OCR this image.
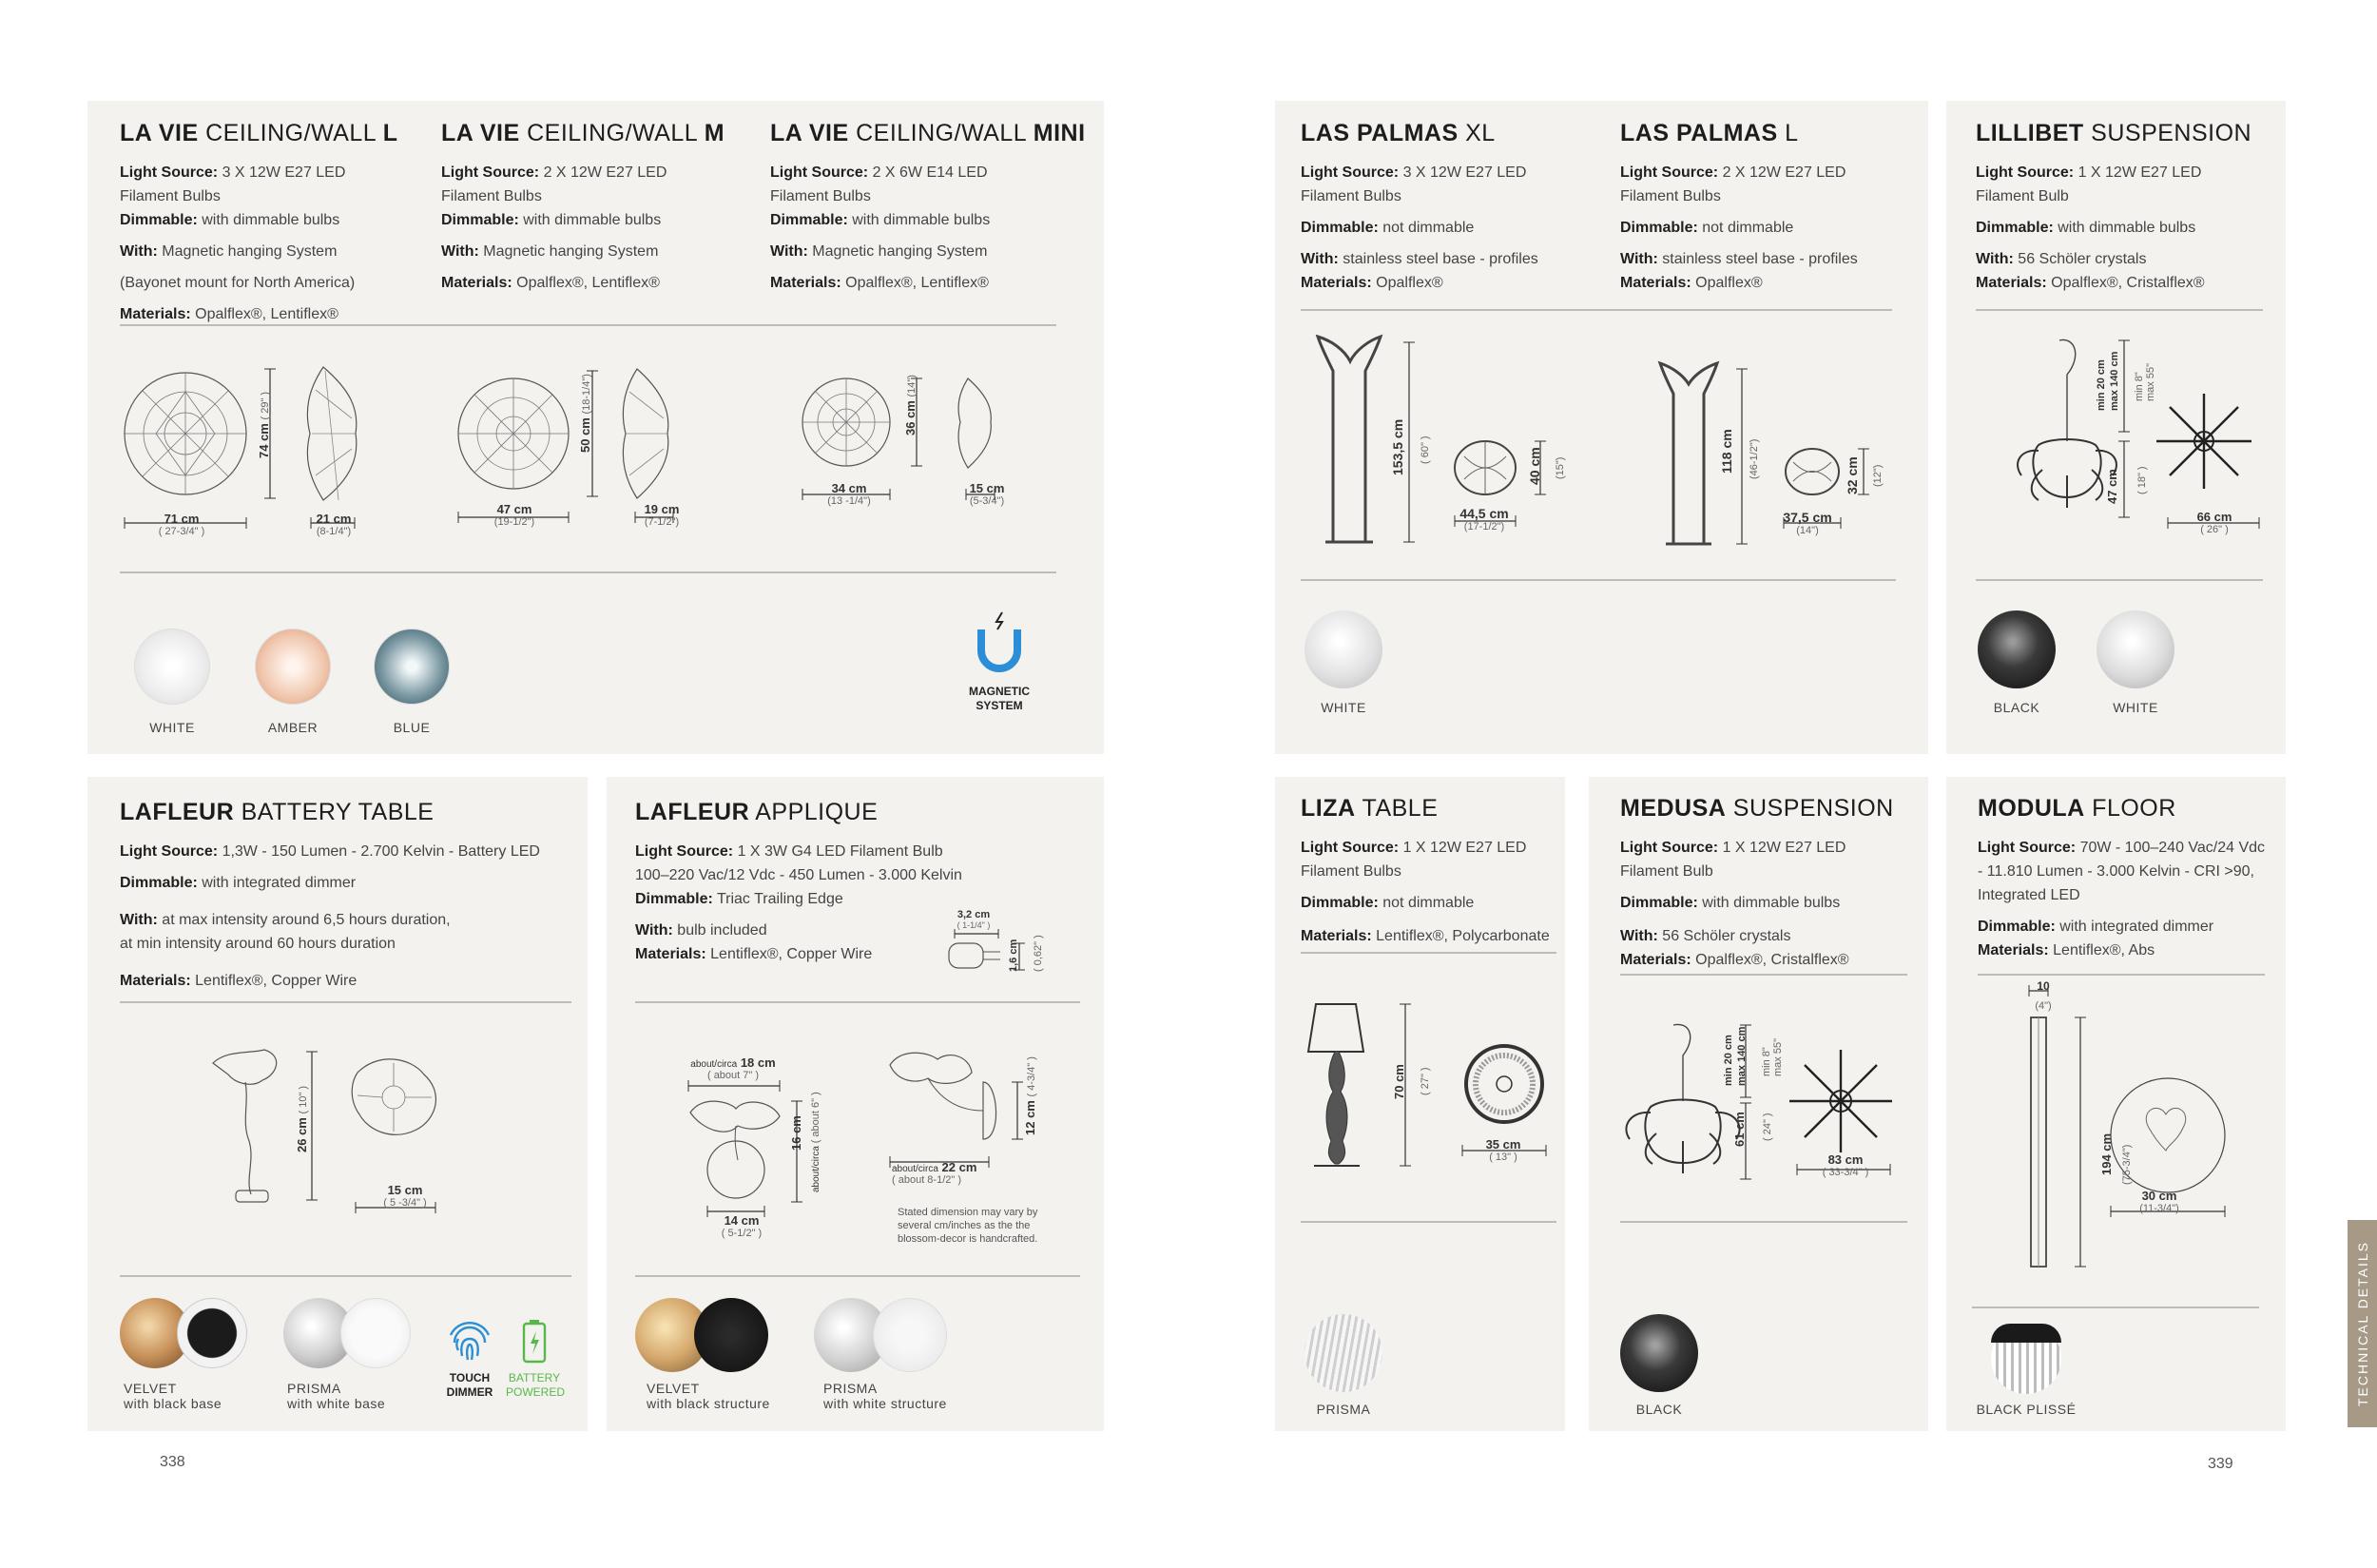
LA VIE CEILING/WALL L
Light Source: 3 X 12W E27 LED
Filament Bulbs
Dimmable: with dimmable bulbs
With: Magnetic hanging System
(Bayonet mount for North America)
Materials: Opalflex®, Lentiflex®
LA VIE CEILING/WALL M
Light Source: 2 X 12W E27 LED
Filament Bulbs
Dimmable: with dimmable bulbs
With: Magnetic hanging System
Materials: Opalflex®, Lentiflex®
LA VIE CEILING/WALL MINI
Light Source: 2 X 6W E14 LED
Filament Bulbs
Dimmable: with dimmable bulbs
With: Magnetic hanging System
Materials: Opalflex®, Lentiflex®
74 cm ( 29" )
71 cm
( 27-3/4" )
21 cm
(8-1/4")
50 cm (18-1/4")
47 cm
(19-1/2")
19 cm
(7-1/2")
36 cm (14")
34 cm
(13 -1/4")
15 cm
(5-3/4")
WHITE	AMBER	BLUE
MAGNETIC SYSTEM
LAFLEUR BATTERY TABLE
Light Source: 1,3W - 150 Lumen - 2.700 Kelvin - Battery LED
Dimmable: with integrated dimmer
With: at max intensity around 6,5 hours duration,
at min intensity around 60 hours duration
Materials: Lentiflex®, Copper Wire
26 cm ( 10" )
15 cm
( 5 -3/4" )
VELVET
with black base
PRISMA
with white base
TOUCH DIMMER
BATTERY POWERED
LAFLEUR APPLIQUE
Light Source: 1 X 3W G4 LED Filament Bulb
100–220 Vac/12 Vdc - 450 Lumen - 3.000 Kelvin
Dimmable: Triac Trailing Edge
With: bulb included
Materials: Lentiflex®, Copper Wire
3,2 cm
( 1-1/4" )
1,6 cm ( 0,62" )
about/circa 18 cm
( about 7" )
16 cm
about/circa ( about 6" )
14 cm
( 5-1/2" )
12 cm ( 4-3/4" )
about/circa 22 cm
( about 8-1/2" )
Stated dimension may vary by several cm/inches as the the blossom-decor is handcrafted.
VELVET
with black structure
PRISMA
with white structure
338
LAS PALMAS XL
Light Source: 3 X 12W E27 LED
Filament Bulbs
Dimmable: not dimmable
With: stainless steel base - profiles
Materials: Opalflex®
LAS PALMAS L
Light Source: 2 X 12W E27 LED
Filament Bulbs
Dimmable: not dimmable
With: stainless steel base - profiles
Materials: Opalflex®
153,5 cm ( 60" )
44,5 cm
(17-1/2")
40 cm (15")	118 cm (46-1/2")
37,5 cm
(14")
32 cm (12")
WHITE
LILLIBET SUSPENSION
Light Source: 1 X 12W E27 LED
Filament Bulb
Dimmable: with dimmable bulbs
With: 56 Schöler crystals
Materials: Opalflex®, Cristalflex®
min 20 cm max 140 cm min 8" max 55"
47 cm ( 18" )
66 cm
( 26" )
BLACK	WHITE
LIZA TABLE
Light Source: 1 X 12W E27 LED
Filament Bulbs
Dimmable: not dimmable
Materials: Lentiflex®, Polycarbonate
70 cm ( 27" )
35 cm
( 13" )
PRISMA
MEDUSA SUSPENSION
Light Source: 1 X 12W E27 LED
Filament Bulb
Dimmable: with dimmable bulbs
With: 56 Schöler crystals
Materials: Opalflex®, Cristalflex®
min 20 cm max 140 cm min 8" max 55"
61 cm ( 24" )
83 cm
( 33-3/4" )
BLACK
MODULA FLOOR
Light Source: 70W - 100–240 Vac/24 Vdc
- 11.810 Lumen - 3.000 Kelvin - CRI >90,
Integrated LED
Dimmable: with integrated dimmer
Materials: Lentiflex®, Abs
10
(4")
194 cm (75-3/4")
30 cm
(11-3/4")
BLACK PLISSÉ
339
TECHNICAL DETAILS
